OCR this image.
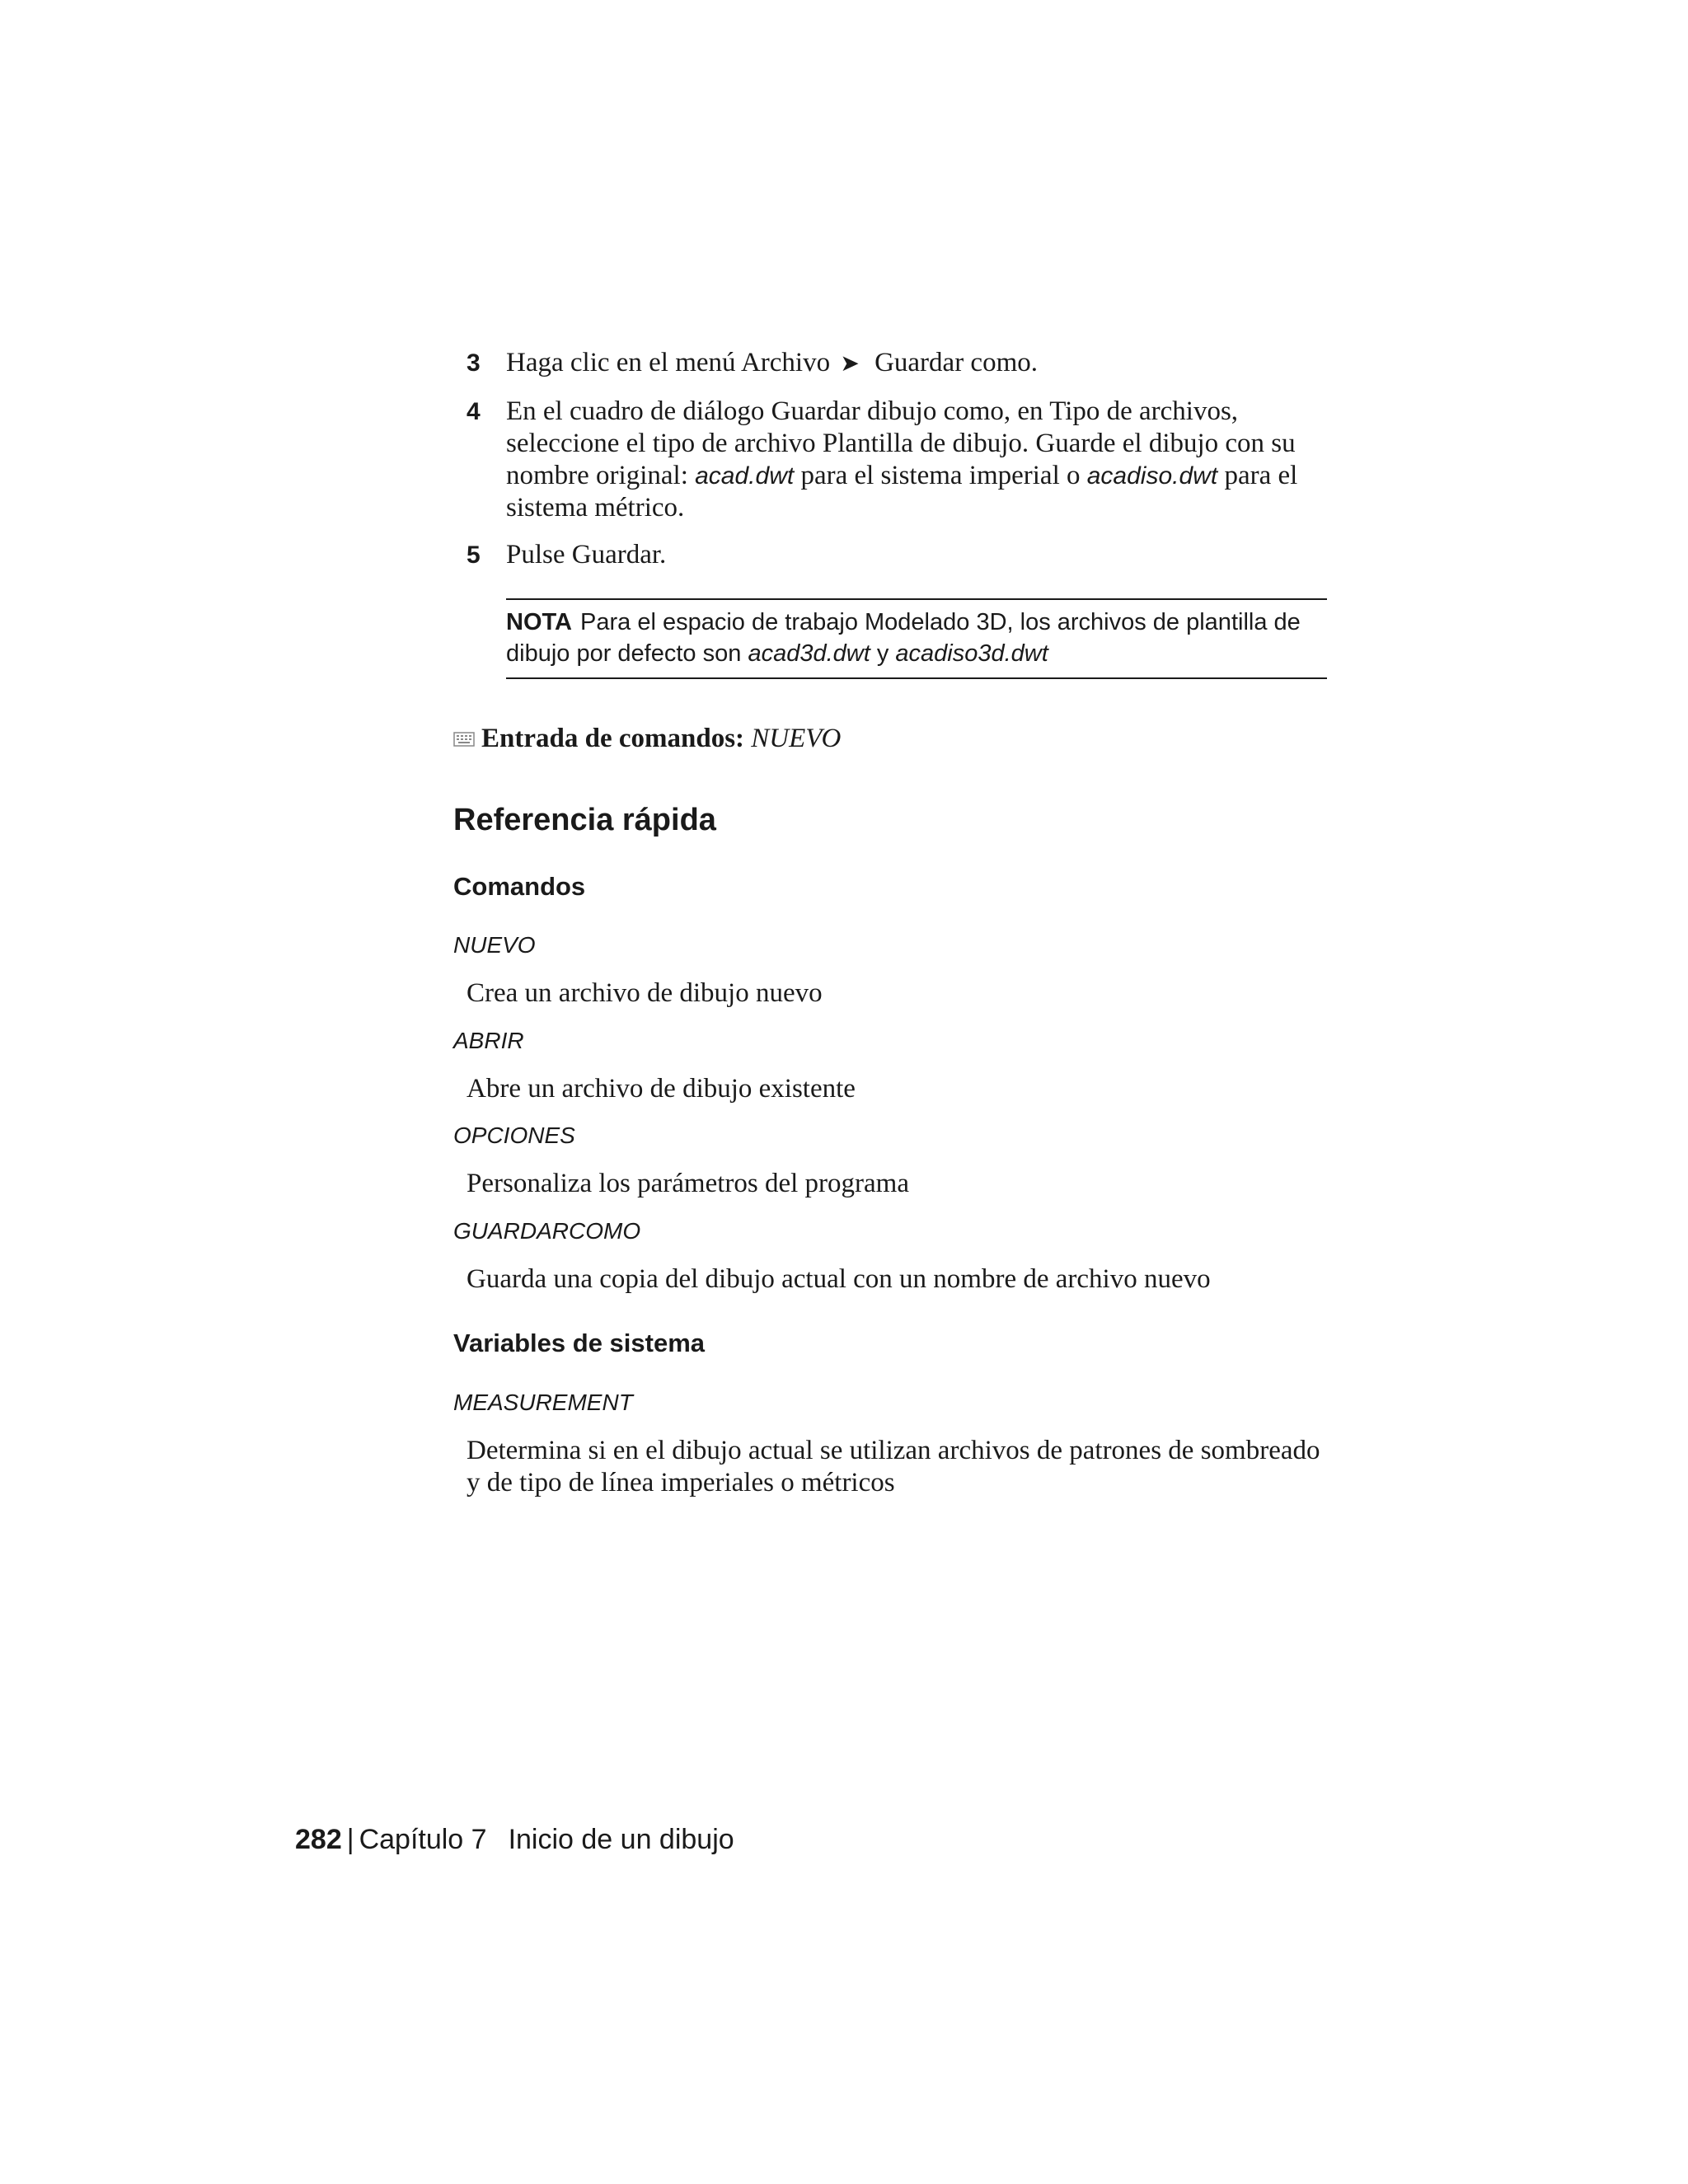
3 Haga clic en el menú Archivo ➤ Guardar como.
4 En el cuadro de diálogo Guardar dibujo como, en Tipo de archivos,
seleccione el tipo de archivo Plantilla de dibujo. Guarde el dibujo con su
nombre original: acad.dwt para el sistema imperial o acadiso.dwt para el
sistema métrico.
5 Pulse Guardar.
NOTA Para el espacio de trabajo Modelado 3D, los archivos de plantilla de
dibujo por defecto son acad3d.dwt y acadiso3d.dwt
Entrada de comandos: NUEVO
Referencia rápida
Comandos
NUEVO
Crea un archivo de dibujo nuevo
ABRIR
Abre un archivo de dibujo existente
OPCIONES
Personaliza los parámetros del programa
GUARDARCOMO
Guarda una copia del dibujo actual con un nombre de archivo nuevo
Variables de sistema
MEASUREMENT
Determina si en el dibujo actual se utilizan archivos de patrones de sombreado
y de tipo de línea imperiales o métricos
282 | Capítulo 7 Inicio de un dibujo
